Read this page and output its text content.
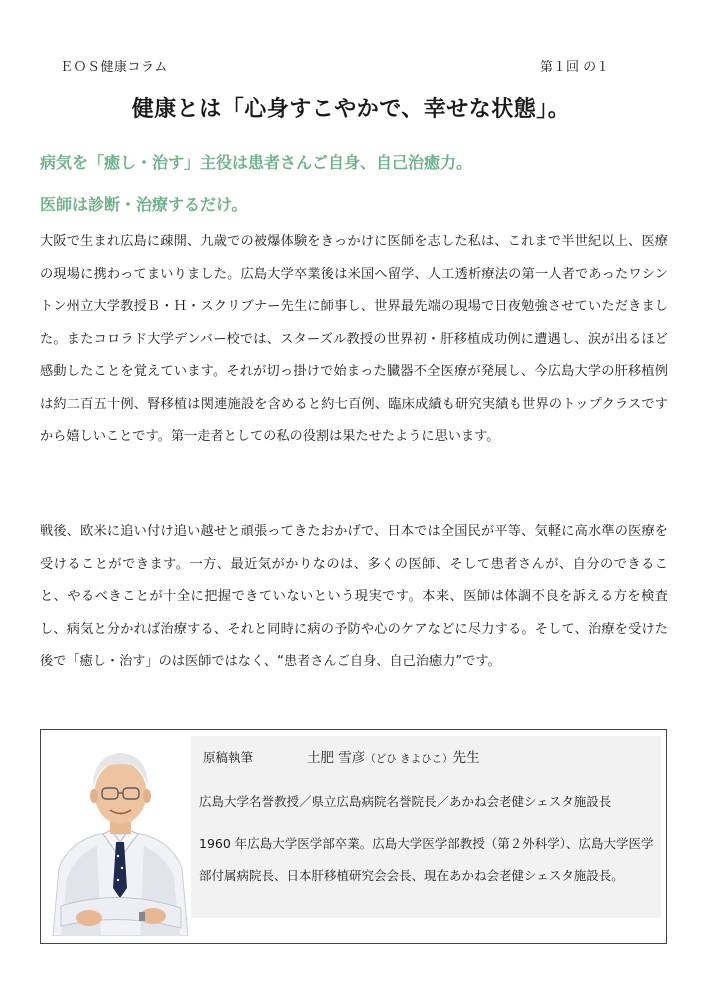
ＥＯＳ健康コラム	第１回 の１
健康とは「心身すこやかで、幸せな状態」。
病気を「癒し・治す」主役は患者さんご自身、自己治癒力。
医師は診断・治療するだけ。

大阪で生まれ広島に疎開、九歳での被爆体験をきっかけに医師を志した私は、これまで半世紀以上、医療の現場に携わってまいりました。広島大学卒業後は米国へ留学、人工透析療法の第一人者であったワシントン州立大学教授Ｂ・Ｈ・スクリブナー先生に師事し、世界最先端の現場で日夜勉強させていただきました。またコロラド大学デンバー校では、スターズル教授の世界初・肝移植成功例に遭遇し、涙が出るほど感動したことを覚えています。それが切っ掛けで始まった臓器不全医療が発展し、今広島大学の肝移植例は約二百五十例、腎移植は関連施設を含めると約七百例、臨床成績も研究実績も世界のトップクラスですから嬉しいことです。第一走者としての私の役割は果たせたように思います。

戦後、欧米に追い付け追い越せと頑張ってきたおかげで、日本では全国民が平等、気軽に高水準の医療を受けることができます。一方、最近気がかりなのは、多くの医師、そして患者さんが、自分のできること、やるべきことが十全に把握できていないという現実です。本来、医師は体調不良を訴える方を検査し、病気と分かれば治療する、それと同時に病の予防や心のケアなどに尽力する。そして、治療を受けた後で「癒し・治す」のは医師ではなく、“患者さんご自身、自己治癒力”です。

原稿執筆	土肥 雪彦（どひ きよひこ）先生
広島大学名誉教授／県立広島病院名誉院長／あかね会老健シェスタ施設長

1960 年広島大学医学部卒業。広島大学医学部教授（第２外科学）、広島大学医学部付属病院長、日本肝移植研究会会長、現在あかね会老健シェスタ施設長。
